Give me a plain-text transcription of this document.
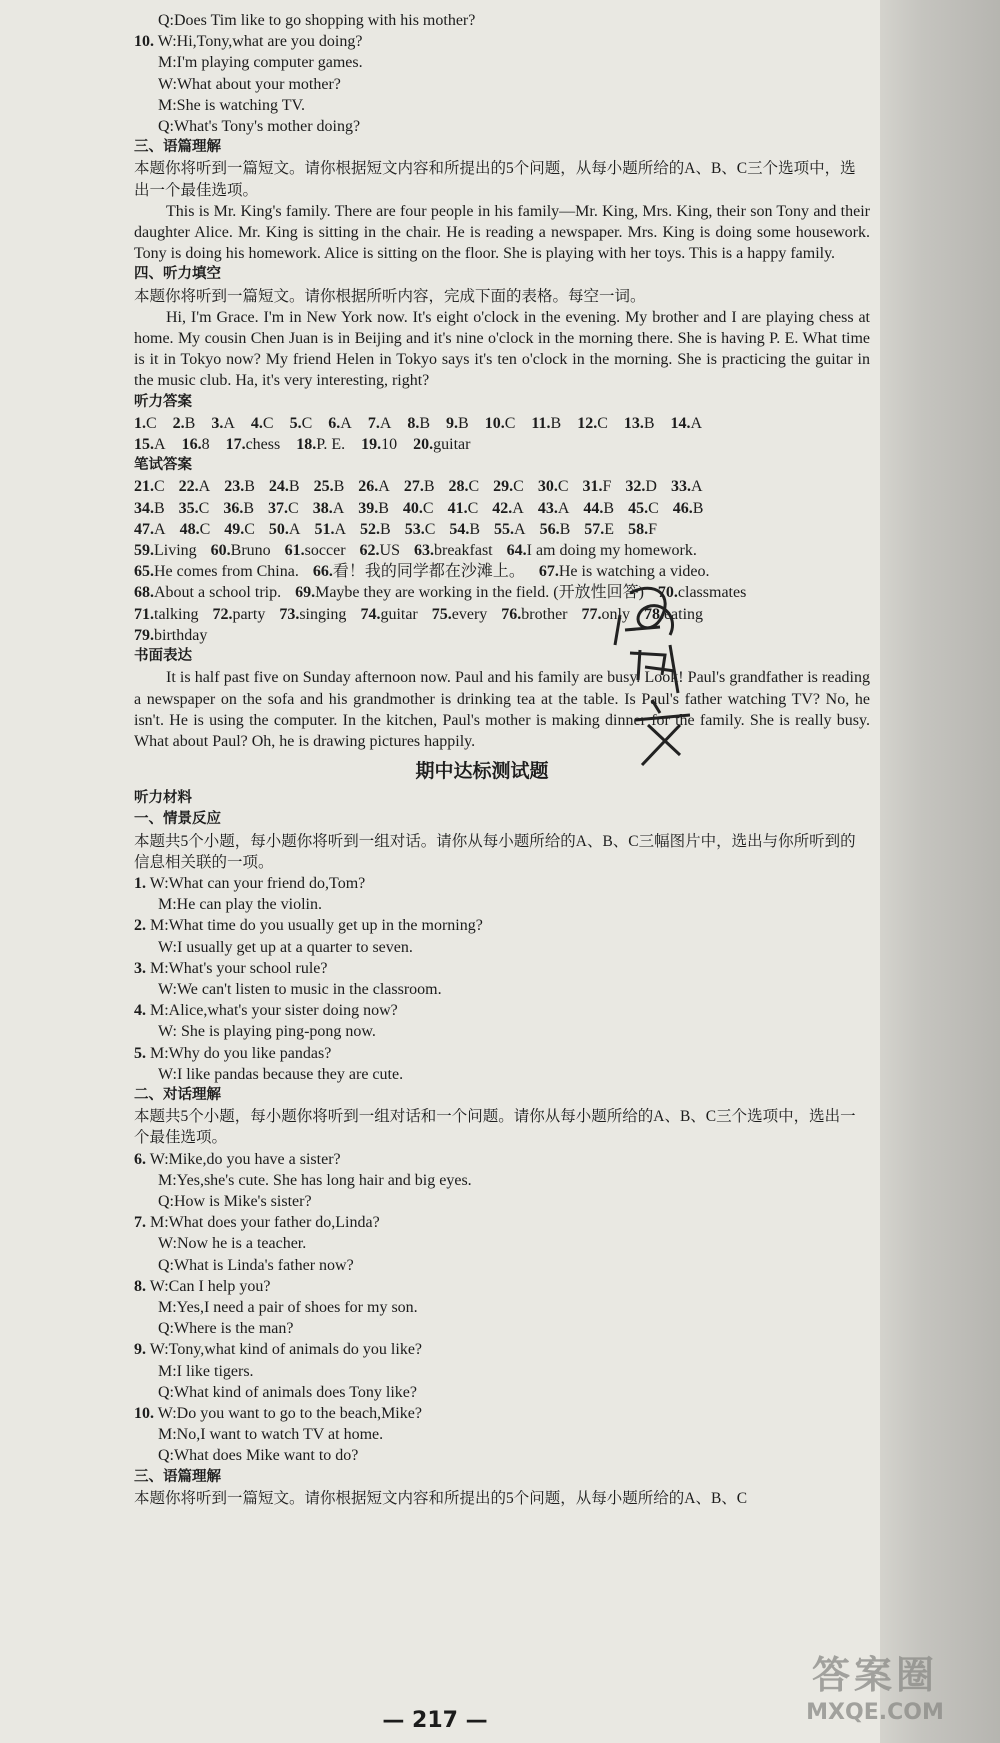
Q:Does Tim like to go shopping with his mother?
10. W:Hi,Tony,what are you doing?
M:I'm playing computer games.
W:What about your mother?
M:She is watching TV.
Q:What's Tony's mother doing?
三、语篇理解
本题你将听到一篇短文。请你根据短文内容和所提出的5个问题，从每小题所给的A、B、C三个选项中，选出一个最佳选项。
This is Mr. King's family. There are four people in his family—Mr. King, Mrs. King, their son Tony and their daughter Alice. Mr. King is sitting in the chair. He is reading a newspaper. Mrs. King is doing some housework. Tony is doing his homework. Alice is sitting on the floor. She is playing with her toys. This is a happy family.
四、听力填空
本题你将听到一篇短文。请你根据所听内容，完成下面的表格。每空一词。
Hi, I'm Grace. I'm in New York now. It's eight o'clock in the evening. My brother and I are playing chess at home. My cousin Chen Juan is in Beijing and it's nine o'clock in the morning there. She is having P. E. What time is it in Tokyo now? My friend Helen in Tokyo says it's ten o'clock in the morning. She is practicing the guitar in the music club. Ha, it's very interesting, right?
听力答案
1.C 2.B 3.A 4.C 5.C 6.A 7.A 8.B 9.B 10.C 11.B 12.C 13.B 14.A
15.A 16.8 17.chess 18.P. E. 19.10 20.guitar
笔试答案
21.C 22.A 23.B 24.B 25.B 26.A 27.B 28.C 29.C 30.C 31.F 32.D 33.A
34.B 35.C 36.B 37.C 38.A 39.B 40.C 41.C 42.A 43.A 44.B 45.C 46.B
47.A 48.C 49.C 50.A 51.A 52.B 53.C 54.B 55.A 56.B 57.E 58.F
59.Living 60.Bruno 61.soccer 62.US 63.breakfast 64.I am doing my homework.
65.He comes from China. 66.看！我的同学都在沙滩上。 67.He is watching a video.
68.About a school trip. 69.Maybe they are working in the field. (开放性回答) 70.classmates
71.talking 72.party 73.singing 74.guitar 75.every 76.brother 77.only 78.eating
79.birthday
书面表达
It is half past five on Sunday afternoon now. Paul and his family are busy. Look! Paul's grandfather is reading a newspaper on the sofa and his grandmother is drinking tea at the table. Is Paul's father watching TV? No, he isn't. He is using the computer. In the kitchen, Paul's mother is making dinner for the family. She is really busy. What about Paul? Oh, he is drawing pictures happily.
期中达标测试题
听力材料
一、情景反应
本题共5个小题，每小题你将听到一组对话。请你从每小题所给的A、B、C三幅图片中，选出与你所听到的信息相关联的一项。
1. W:What can your friend do,Tom?
M:He can play the violin.
2. M:What time do you usually get up in the morning?
W:I usually get up at a quarter to seven.
3. M:What's your school rule?
W:We can't listen to music in the classroom.
4. M:Alice,what's your sister doing now?
W: She is playing ping-pong now.
5. M:Why do you like pandas?
W:I like pandas because they are cute.
二、对话理解
本题共5个小题，每小题你将听到一组对话和一个问题。请你从每小题所给的A、B、C三个选项中，选出一个最佳选项。
6. W:Mike,do you have a sister?
M:Yes,she's cute. She has long hair and big eyes.
Q:How is Mike's sister?
7. M:What does your father do,Linda?
W:Now he is a teacher.
Q:What is Linda's father now?
8. W:Can I help you?
M:Yes,I need a pair of shoes for my son.
Q:Where is the man?
9. W:Tony,what kind of animals do you like?
M:I like tigers.
Q:What kind of animals does Tony like?
10. W:Do you want to go to the beach,Mike?
M:No,I want to watch TV at home.
Q:What does Mike want to do?
三、语篇理解
本题你将听到一篇短文。请你根据短文内容和所提出的5个问题，从每小题所给的A、B、C
— 217 —
答案圈
MXQE.COM
